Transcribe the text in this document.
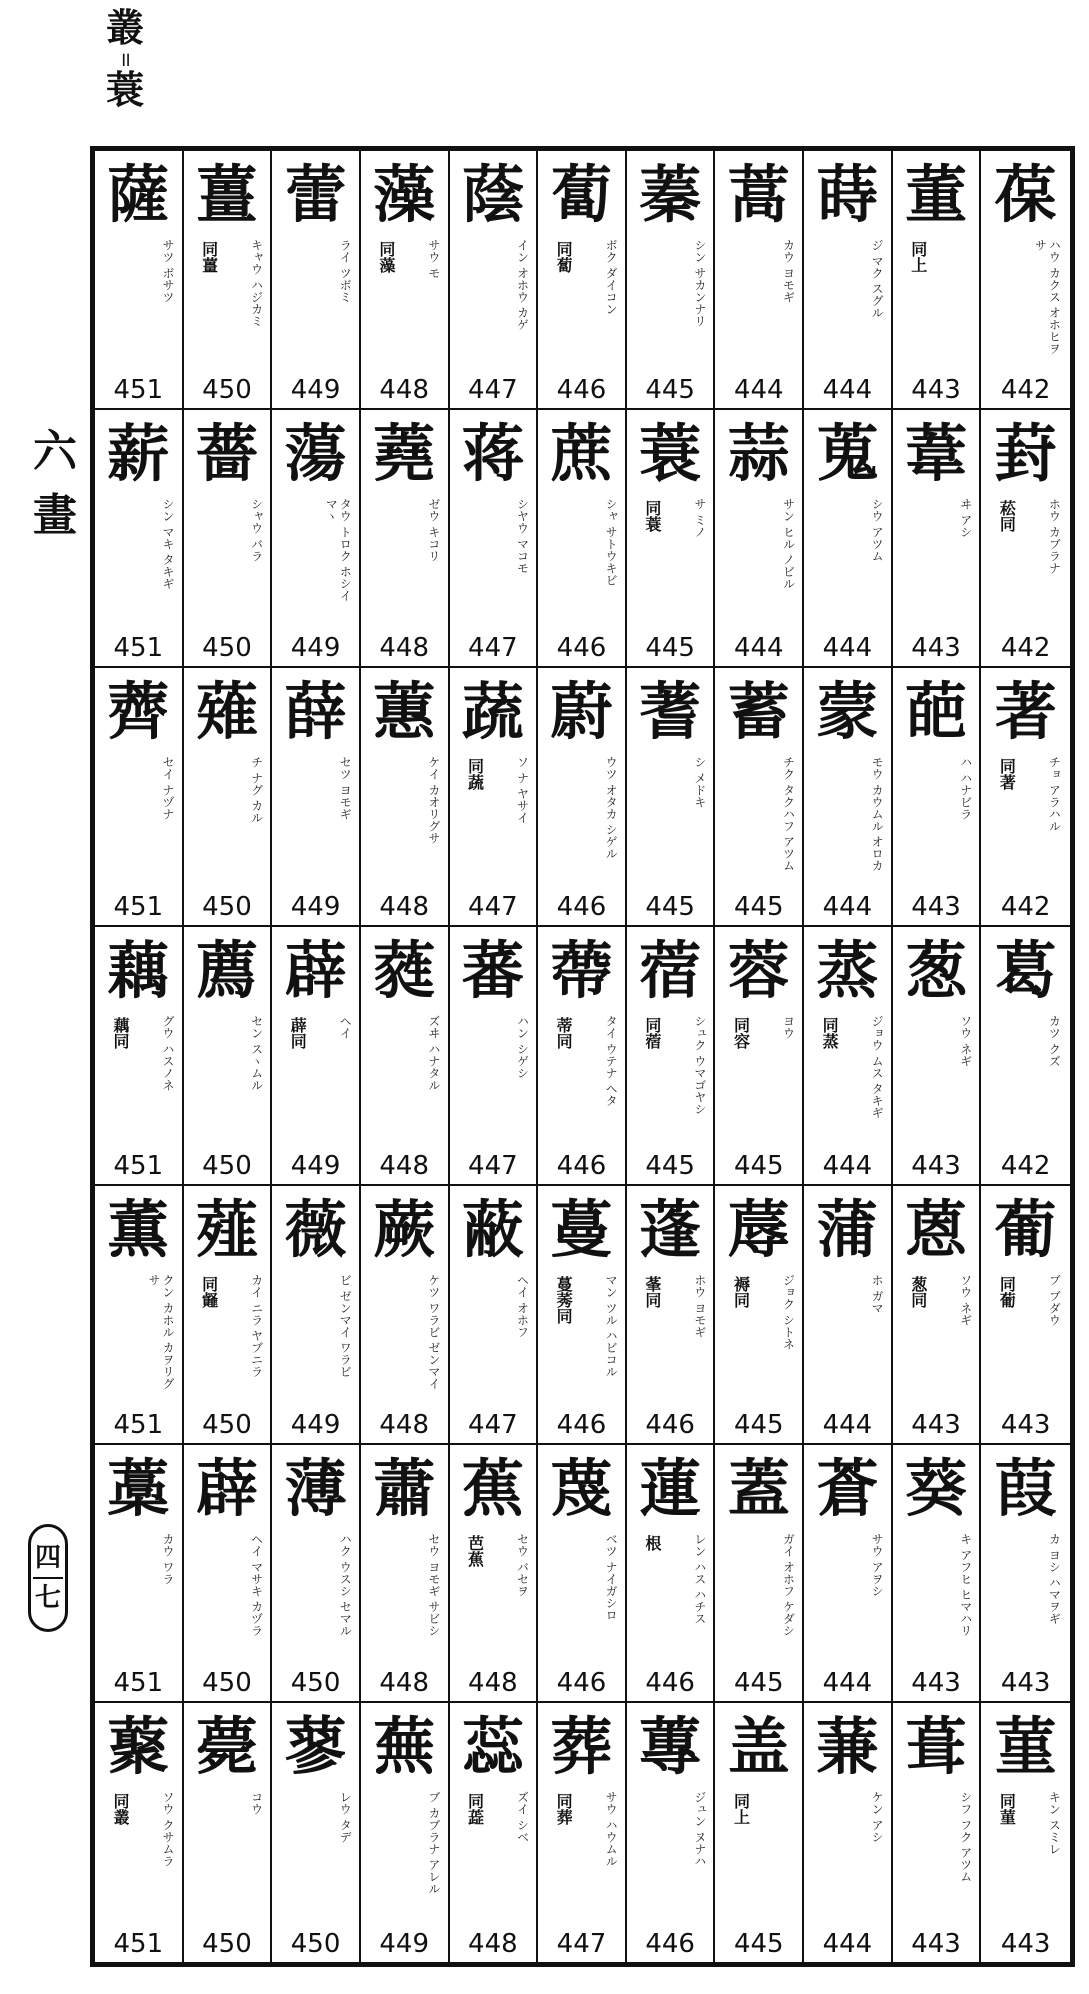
叢
॥
蓑
六
畫
四
七
薩
サツ ボサツ
451
薑
キャウ ハジカミ
同薑
450
蕾
ライ ツボミ
449
藻
サウ モ
同藻
448
蔭
イン オホウ カゲ
447
蔔
ボク ダイコン
同蔔
446
蓁
シン サカンナリ
445
蒿
カウ ヨモギ
444
蒔
ジ マク スグル
444
董
同上
443
葆
ハウ カクス オホヒヲサ
442
薪
シン マキ タキギ
451
薔
シャウ バラ
450
蕩
タウ トロク ホシイマヽ
449
蕘
ゼウ キコリ
448
蒋
シヤウ マコモ
447
蔗
シャ サトウキビ
446
蓑
サ ミノ
同蓑
445
蒜
サン ヒル ノビル
444
蒐
シウ アツム
444
葦
ヰ アシ
443
葑
ホウ カブラナ
菘同
442
薺
セイ ナヅナ
451
薙
チ ナグ カル
450
薛
セツ ヨモギ
449
蕙
ケイ カオリグサ
448
蔬
ソ ナ ヤサイ
同蔬
447
蔚
ウツ オタカ シゲル
446
蓍
シ メドキ
445
蓄
チク タクハフ アツム
445
蒙
モウ カウムル オロカ
444
葩
ハ ハナビラ
443
著
チョ アラハル
同著
442
藕
グウ ハスノネ
藕同
451
薦
セン スヽムル
450
薜
ヘイ
薜同
449
蕤
ズヰ ハナタル
448
蕃
ハン シゲシ
447
蔕
タイ ウテナ ヘタ
蒂同
446
蓿
シュク ウマゴヤシ
同蓿
445
蓉
ヨウ
同容
445
蒸
ジョウ ムス タキギ
同蒸
444
葱
ソウ ネギ
443
葛
カツ クズ
442
薫
クン カホル カヲリグサ
451
薤
カイ ニラ ヤブニラ
同䪥
450
薇
ビ ゼンマイ ワラビ
449
蕨
ケツ ワラビ ゼンマイ
448
蔽
ヘイ オホフ
447
蔓
マン ツル ハビコル
蔓莠同
446
蓬
ホウ ヨモギ
莑同
446
蓐
ジョク シトネ
褥同
445
蒲
ホ ガマ
444
蒽
ソウ ネギ
葱同
443
葡
ブ ブダウ
同葡
443
藁
カウ ワラ
451
薜
ヘイ マサキ カヅラ
450
薄
ハク ウスシ セマル
450
蕭
セウ ヨモギ サビシ
448
蕉
セウ バセヲ
芭蕉
448
蔑
ベツ ナイガシロ
446
蓮
レン ハス ハチス
根
446
蓋
ガイ オホフ ケダシ
445
蒼
サウ アヲシ
444
葵
キ アフヒ ヒマハリ
443
葭
カ ヨシ ハマヲギ
443
藂
ソウ クサムラ
同叢
451
薨
コウ
450
蓼
レウ タデ
450
蕪
ブ カブラナ アレル
449
蕊
ズイ シベ
同蕋
448
葬
サウ ハウムル
同葬
447
蓴
ジュン ヌナハ
446
盖
同上
445
蒹
ケン アシ
444
葺
シフ フク アツム
443
菫
キン スミレ
同菫
443
